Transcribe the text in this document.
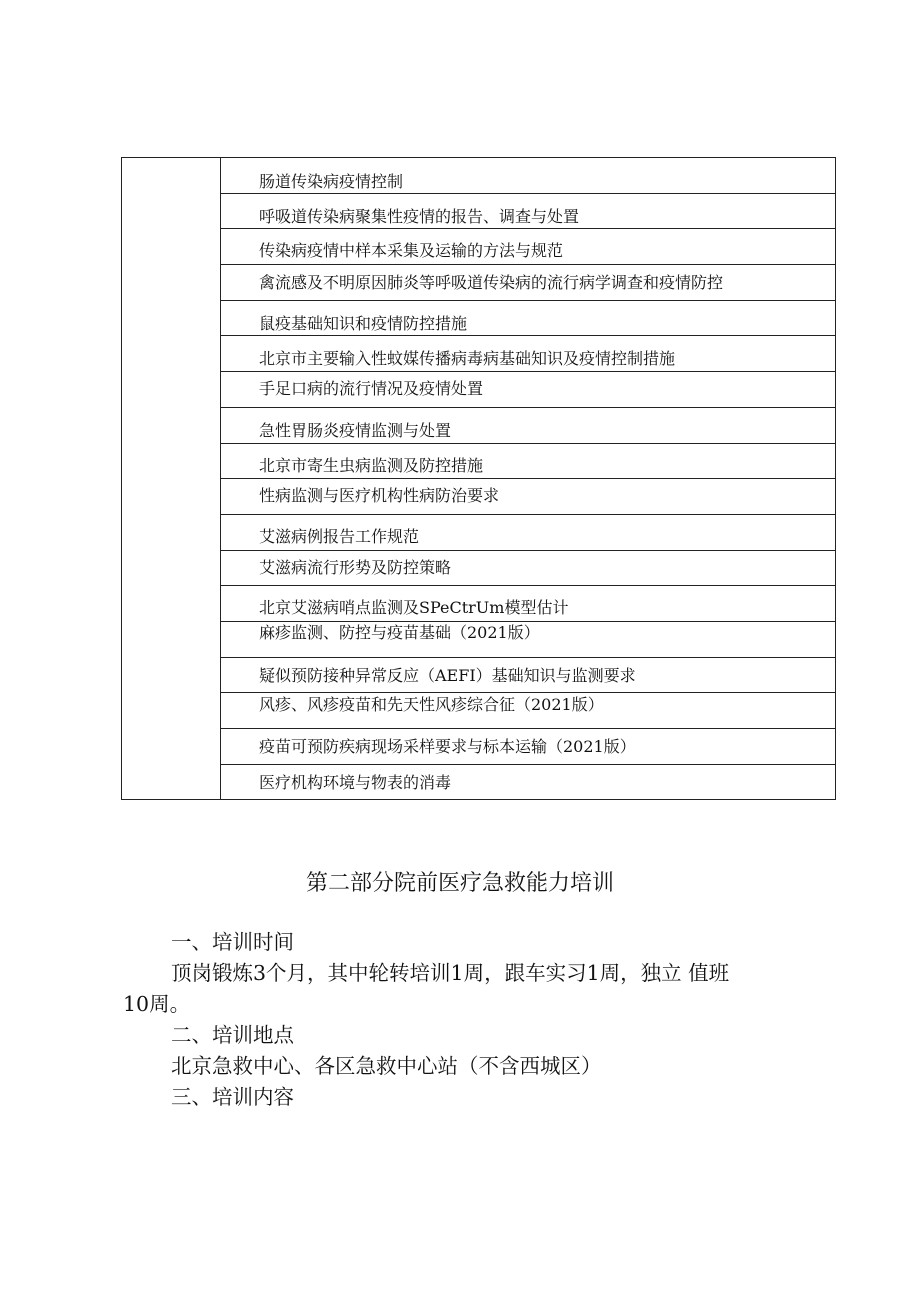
肠道传染病疫情控制
呼吸道传染病聚集性疫情的报告、调查与处置
传染病疫情中样本采集及运输的方法与规范
禽流感及不明原因肺炎等呼吸道传染病的流行病学调查和疫情防控
鼠疫基础知识和疫情防控措施
北京市主要输入性蚊媒传播病毒病基础知识及疫情控制措施
手足口病的流行情况及疫情处置
急性胃肠炎疫情监测与处置
北京市寄生虫病监测及防控措施
性病监测与医疗机构性病防治要求
艾滋病例报告工作规范
艾滋病流行形势及防控策略
北京艾滋病哨点监测及SPeCtrUm模型估计
麻疹监测、防控与疫苗基础（2021版）
疑似预防接种异常反应（AEFI）基础知识与监测要求
风疹、风疹疫苗和先天性风疹综合征（2021版）
疫苗可预防疾病现场采样要求与标本运输（2021版）
医疗机构环境与物表的消毒
第二部分院前医疗急救能力培训

一、培训时间

顶岗锻炼3个月，其中轮转培训1周，跟车实习1周，独立 值班

10周。

二、培训地点

北京急救中心、各区急救中心站（不含西城区）

三、培训内容
